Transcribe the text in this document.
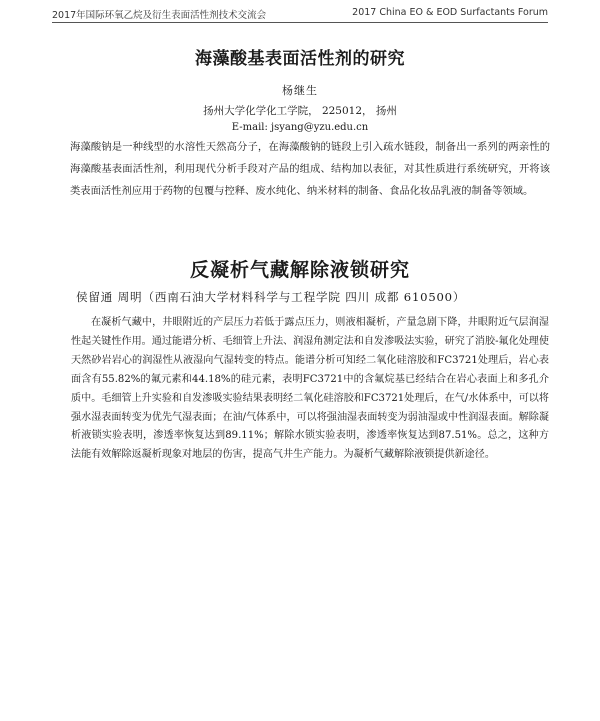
2017年国际环氧乙烷及衍生表面活性剂技术交流会	2017 China EO & EOD Surfactants Forum
海藻酸基表面活性剂的研究
杨继生
扬州大学化学化工学院， 225012， 扬州
E-mail: jsyang@yzu.edu.cn
海藻酸钠是一种线型的水溶性天然高分子，在海藻酸钠的链段上引入疏水链段，制备出一系列的两亲性的海藻酸基表面活性剂，利用现代分析手段对产品的组成、结构加以表征，对其性质进行系统研究，开将该类表面活性剂应用于药物的包覆与控释、废水纯化、纳米材料的制备、食品化妆品乳液的制备等领域。
反凝析气藏解除液锁研究
侯留通 周明（西南石油大学材料科学与工程学院 四川 成都 610500）

在凝析气藏中，井眼附近的产层压力若低于露点压力，则液相凝析，产量急剧下降，井眼附近气层润湿性起关键性作用。通过能谱分析、毛细管上升法、润湿角测定法和自发渗吸法实验，研究了消胶-氟化处理使天然砂岩岩心的润湿性从液湿向气湿转变的特点。能谱分析可知经二氧化硅溶胶和FC3721处理后，岩心表面含有55.82%的氟元素和44.18%的硅元素，表明FC3721中的含氟烷基已经结合在岩心表面上和多孔介质中。毛细管上升实验和自发渗吸实验结果表明经二氧化硅溶胶和FC3721处理后，在气/水体系中，可以将强水湿表面转变为优先气湿表面；在油/气体系中，可以将强油湿表面转变为弱油湿或中性润湿表面。解除凝析液锁实验表明，渗透率恢复达到89.11%；解除水锁实验表明，渗透率恢复达到87.51%。总之，这种方法能有效解除返凝析现象对地层的伤害，提高气井生产能力。为凝析气藏解除液锁提供新途径。
